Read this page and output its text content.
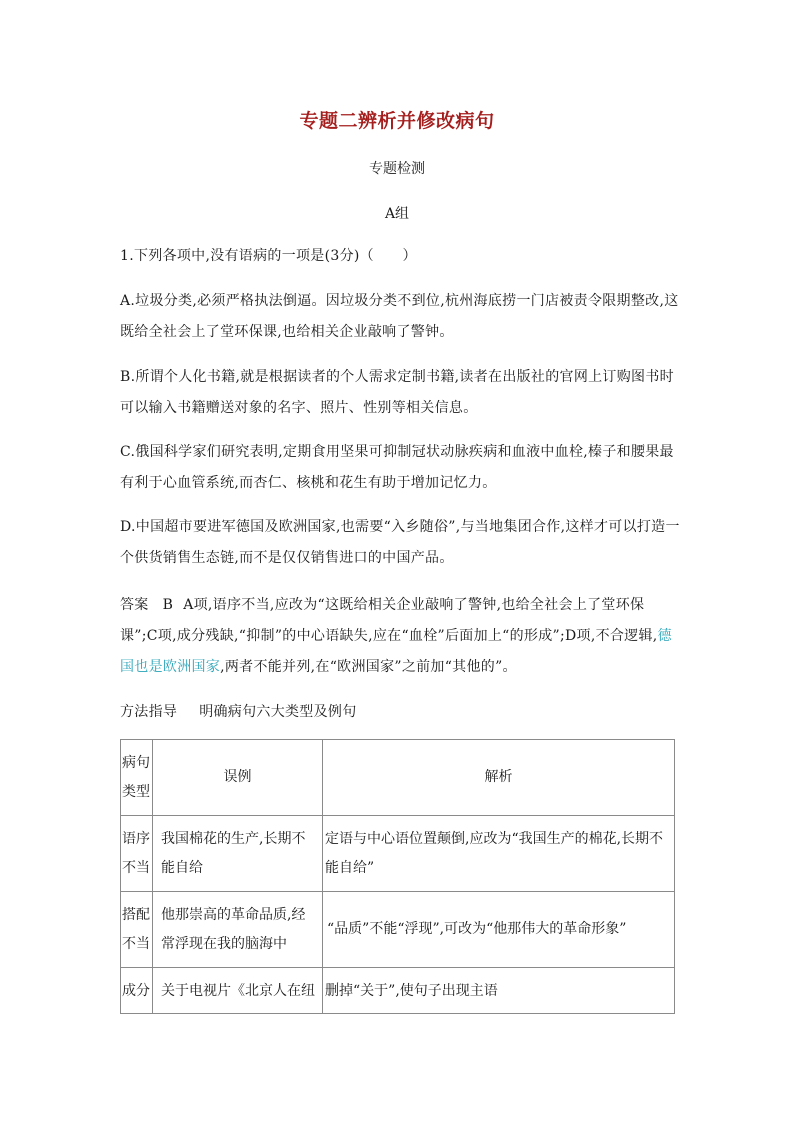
专题二辨析并修改病句
专题检测
A组

1.下列各项中,没有语病的一项是(3分)（　　）

A.垃圾分类,必须严格执法倒逼。因垃圾分类不到位,杭州海底捞一门店被责令限期整改,这既给全社会上了堂环保课,也给相关企业敲响了警钟。

B.所谓个人化书籍,就是根据读者的个人需求定制书籍,读者在出版社的官网上订购图书时可以输入书籍赠送对象的名字、照片、性别等相关信息。

C.俄国科学家们研究表明,定期食用坚果可抑制冠状动脉疾病和血液中血栓,榛子和腰果最有利于心血管系统,而杏仁、核桃和花生有助于增加记忆力。

D.中国超市要进军德国及欧洲国家,也需要“入乡随俗”,与当地集团合作,这样才可以打造一个供货销售生态链,而不是仅仅销售进口的中国产品。

答案 B A项,语序不当,应改为“这既给相关企业敲响了警钟,也给全社会上了堂环保课”;C项,成分残缺,“抑制”的中心语缺失,应在“血栓”后面加上“的形成”;D项,不合逻辑,德国也是欧洲国家,两者不能并列,在“欧洲国家”之前加“其他的”。

方法指导 明确病句六大类型及例句

病句类型	误例	解析
语序不当	我国棉花的生产,长期不能自给	定语与中心语位置颠倒,应改为“我国生产的棉花,长期不能自给”
搭配不当	他那崇高的革命品质,经常浮现在我的脑海中	“品质”不能“浮现”,可改为“他那伟大的革命形象”
成分	关于电视片《北京人在纽	删掉“关于”,使句子出现主语
